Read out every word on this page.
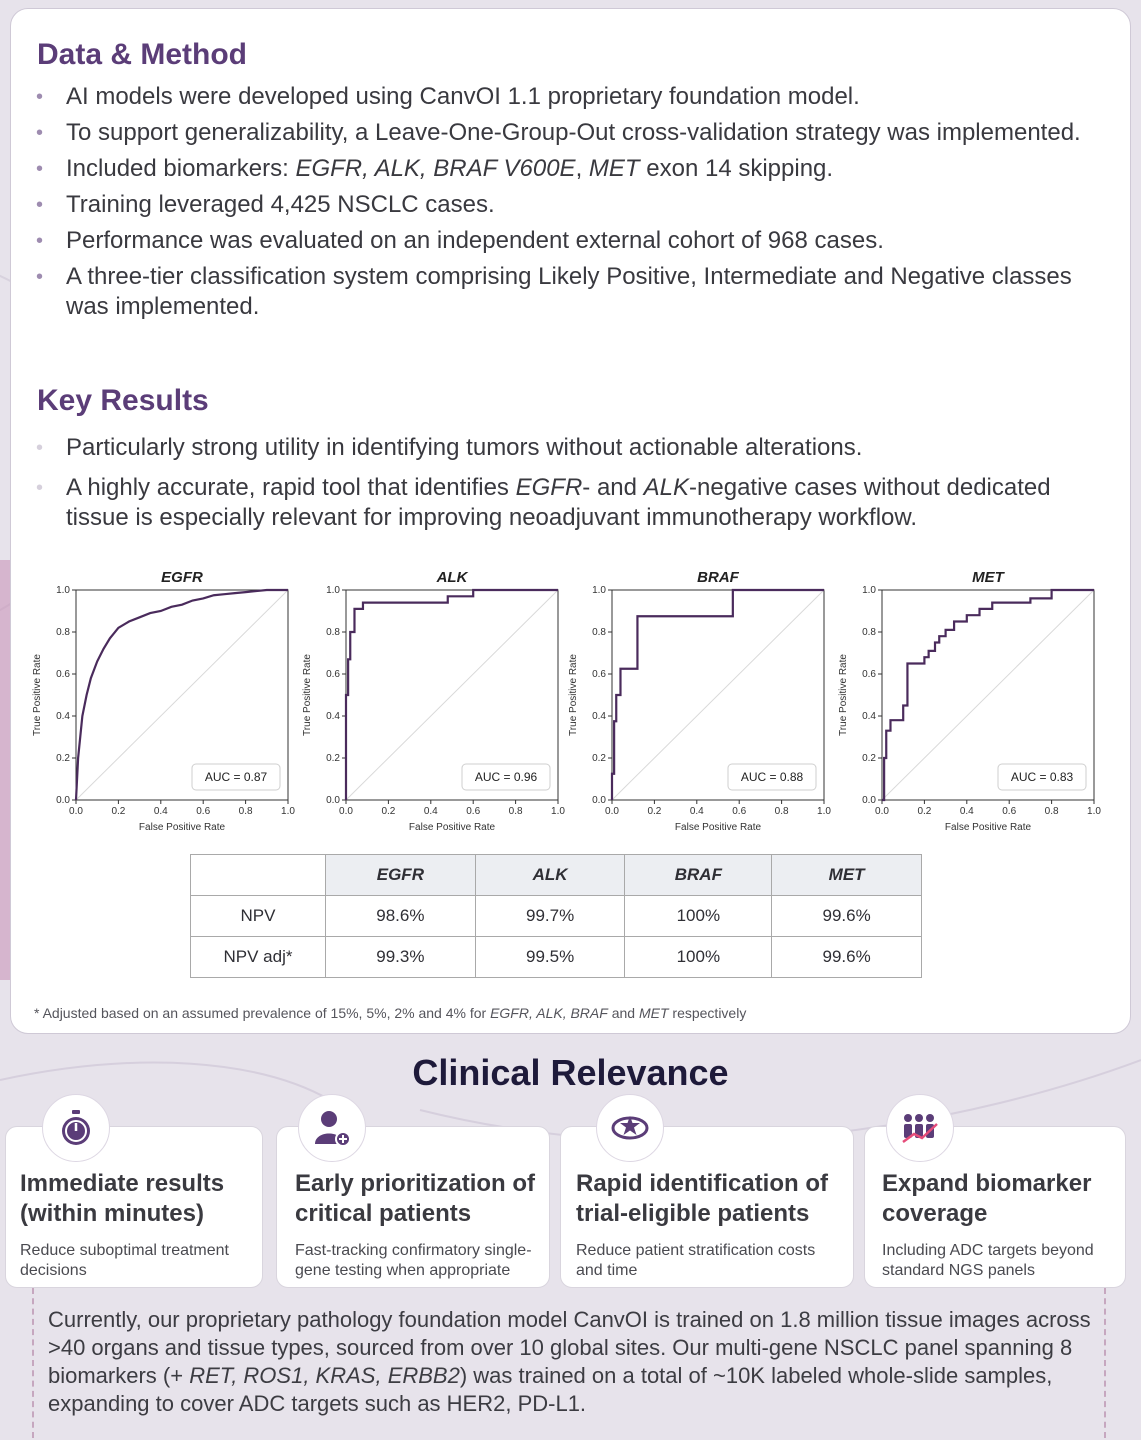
Data & Method
• AI models were developed using CanvOI 1.1 proprietary foundation model.
• To support generalizability, a Leave-One-Group-Out cross-validation strategy was implemented.
• Included biomarkers: EGFR, ALK, BRAF V600E, MET exon 14 skipping.
• Training leveraged 4,425 NSCLC cases.
• Performance was evaluated on an independent external cohort of 968 cases.
• A three-tier classification system comprising Likely Positive, Intermediate and Negative classes was implemented.
Key Results
• Particularly strong utility in identifying tumors without actionable alterations.
• A highly accurate, rapid tool that identifies EGFR- and ALK-negative cases without dedicated tissue is especially relevant for improving neoadjuvant immunotherapy workflow.
EGFR
0.0	0.2	0.4	0.6	0.8	1.0
0.0
0.2
0.4
0.6
0.8
1.0
False Positive Rate
True Positive Rate
AUC = 0.87
ALK
0.0	0.2	0.4	0.6	0.8	1.0
0.0
0.2
0.4
0.6
0.8
1.0
False Positive Rate
True Positive Rate
AUC = 0.96
BRAF
0.0	0.2	0.4	0.6	0.8	1.0
0.0
0.2
0.4
0.6
0.8
1.0
False Positive Rate
True Positive Rate
AUC = 0.88
MET
0.0	0.2	0.4	0.6	0.8	1.0
0.0
0.2
0.4
0.6
0.8
1.0
False Positive Rate
True Positive Rate
AUC = 0.83
	EGFR	ALK	BRAF	MET
NPV	98.6%	99.7%	100%	99.6%
NPV adj*	99.3%	99.5%	100%	99.6%
* Adjusted based on an assumed prevalence of 15%, 5%, 2% and 4% for EGFR, ALK, BRAF and MET respectively
Clinical Relevance
Immediate results (within minutes)
Reduce suboptimal treatment decisions
Early prioritization of critical patients
Fast-tracking confirmatory single-gene testing when appropriate
Rapid identification of trial-eligible patients
Reduce patient stratification costs and time
Expand biomarker coverage
Including ADC targets beyond standard NGS panels
Currently, our proprietary pathology foundation model CanvOI is trained on 1.8 million tissue images across >40 organs and tissue types, sourced from over 10 global sites. Our multi-gene NSCLC panel spanning 8 biomarkers (+ RET, ROS1, KRAS, ERBB2) was trained on a total of ~10K labeled whole-slide samples, expanding to cover ADC targets such as HER2, PD-L1.
